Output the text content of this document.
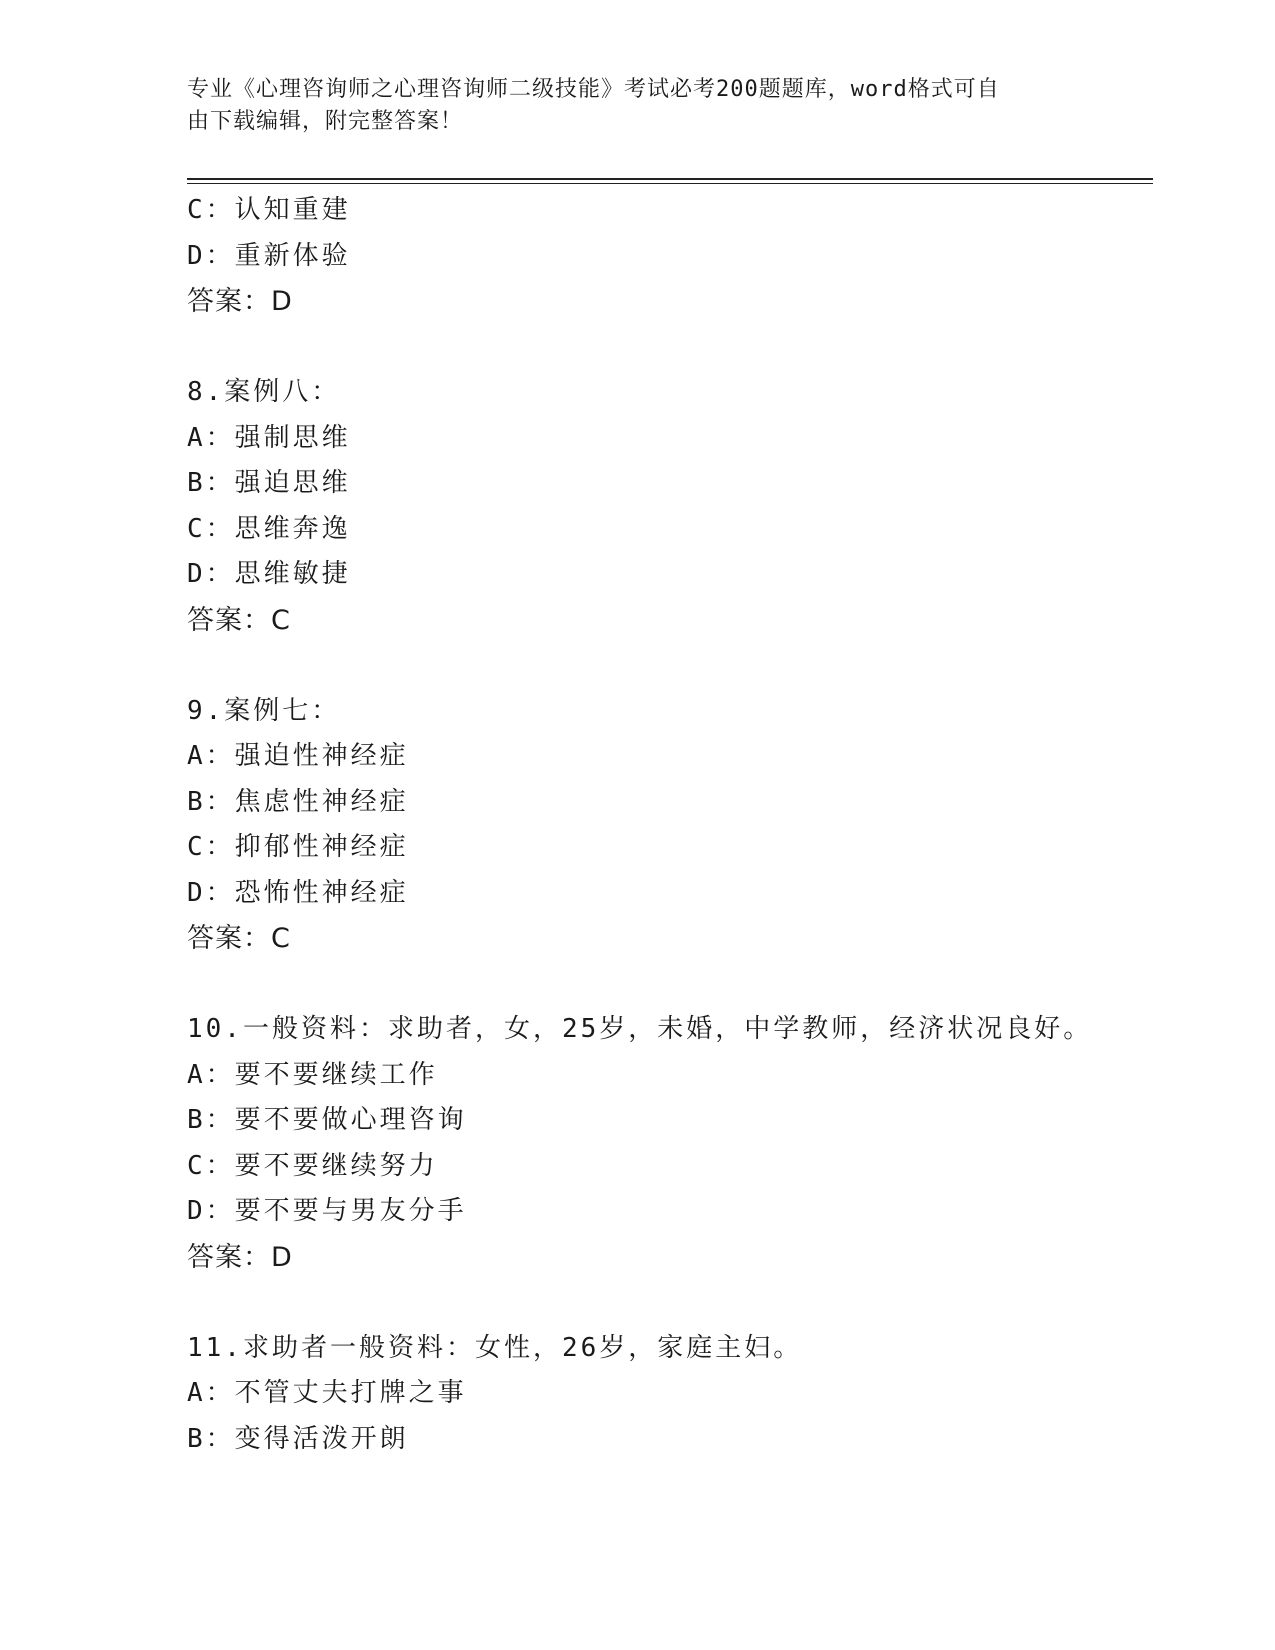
专业《心理咨询师之心理咨询师二级技能》考试必考200题题库，word格式可自
由下载编辑，附完整答案！
C：认知重建
D：重新体验
答案：D
8.案例八：
A：强制思维
B：强迫思维
C：思维奔逸
D：思维敏捷
答案：C
9.案例七：
A：强迫性神经症
B：焦虑性神经症
C：抑郁性神经症
D：恐怖性神经症
答案：C
10.一般资料：求助者，女，25岁，未婚，中学教师，经济状况良好。
A：要不要继续工作
B：要不要做心理咨询
C：要不要继续努力
D：要不要与男友分手
答案：D
11.求助者一般资料：女性，26岁，家庭主妇。
A：不管丈夫打牌之事
B：变得活泼开朗
